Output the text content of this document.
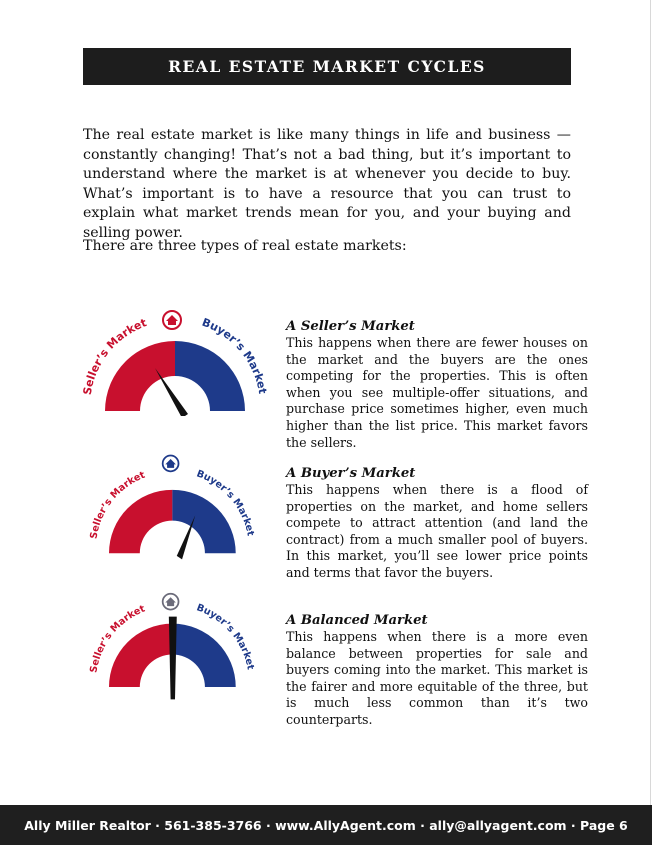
REAL ESTATE MARKET CYCLES

The real estate market is like many things in life and business — constantly changing! That’s not a bad thing, but it’s important to understand where the market is at whenever you decide to buy. What’s important is to have a resource that you can trust to explain what market trends mean for you, and your buying and selling power.

There are three types of real estate markets:

Seller’s Market	Buyer’s Market
A Seller’s Market
This happens when there are fewer houses on the market and the buyers are the ones competing for the properties. This is often when you see multiple-offer situations, and purchase price sometimes higher, even much higher than the list price. This market favors the sellers.
Seller’s Market	Buyer’s Market
A Buyer’s Market
This happens when there is a flood of properties on the market, and home sellers compete to attract attention (and land the contract) from a much smaller pool of buyers. In this market, you’ll see lower price points and terms that favor the buyers.
Seller’s Market	Buyer’s Market
A Balanced Market
This happens when there is a more even balance between properties for sale and buyers coming into the market. This market is the fairer and more equitable of the three, but is much less common than it’s two counterparts.
Ally Miller Realtor · 561-385-3766 · www.AllyAgent.com · ally@allyagent.com · Page 6
